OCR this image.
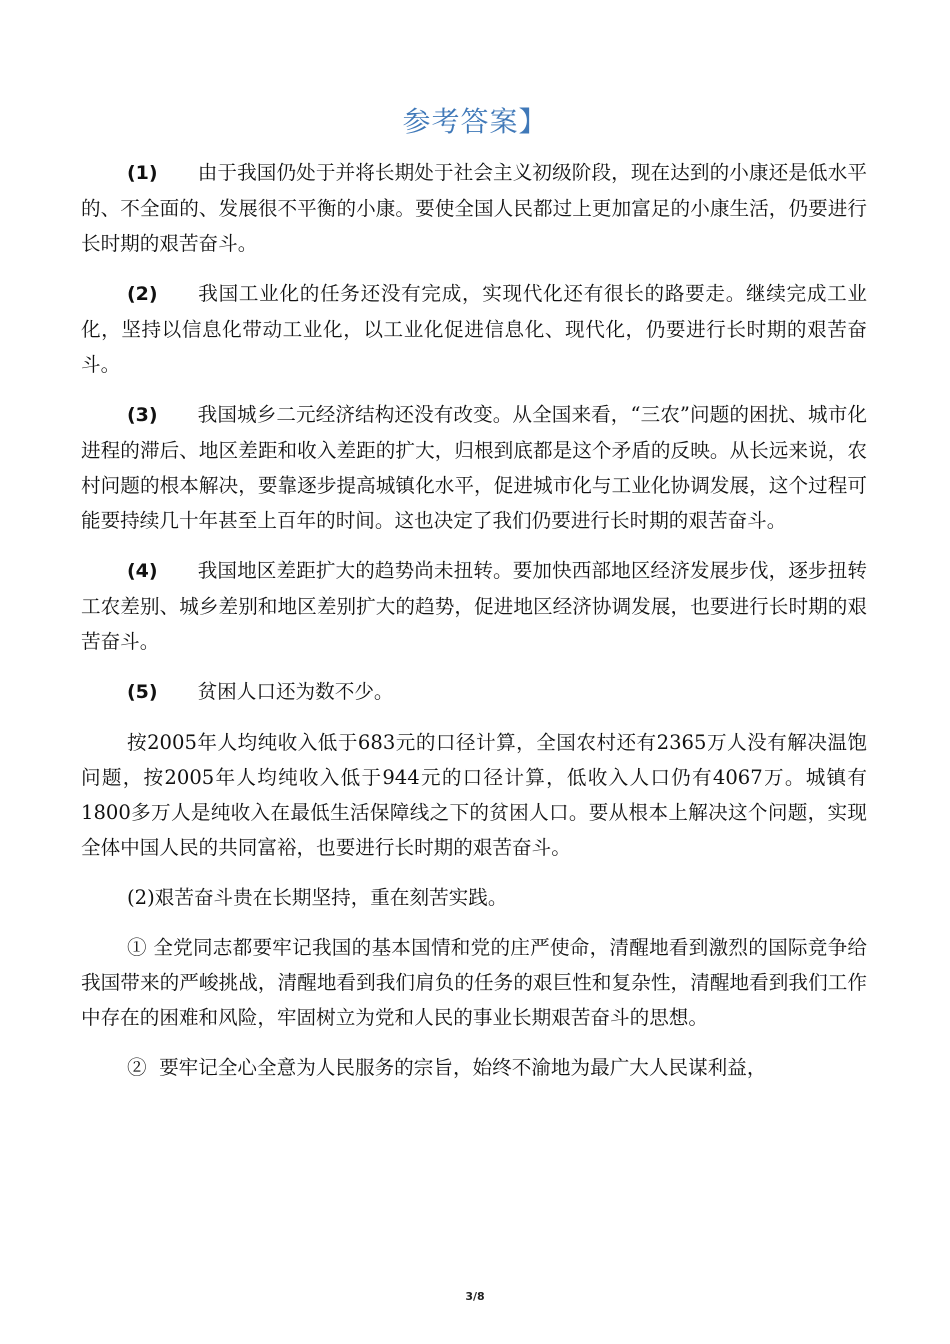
参考答案】

(1) 由于我国仍处于并将长期处于社会主义初级阶段，现在达到的小康还是低水平的、不全面的、发展很不平衡的小康。要使全国人民都过上更加富足的小康生活，仍要进行长时期的艰苦奋斗。

(2) 我国工业化的任务还没有完成，实现代化还有很长的路要走。继续完成工业化，坚持以信息化带动工业化，以工业化促进信息化、现代化，仍要进行长时期的艰苦奋斗。

(3) 我国城乡二元经济结构还没有改变。从全国来看，“三农”问题的困扰、城市化进程的滞后、地区差距和收入差距的扩大，归根到底都是这个矛盾的反映。从长远来说，农村问题的根本解决，要靠逐步提高城镇化水平，促进城市化与工业化协调发展，这个过程可能要持续几十年甚至上百年的时间。这也决定了我们仍要进行长时期的艰苦奋斗。

(4) 我国地区差距扩大的趋势尚未扭转。要加快西部地区经济发展步伐，逐步扭转工农差别、城乡差别和地区差别扩大的趋势，促进地区经济协调发展，也要进行长时期的艰苦奋斗。

(5) 贫困人口还为数不少。

按2005年人均纯收入低于683元的口径计算，全国农村还有2365万人没有解决温饱问题，按2005年人均纯收入低于944元的口径计算，低收入人口仍有4067万。城镇有1800多万人是纯收入在最低生活保障线之下的贫困人口。要从根本上解决这个问题，实现全体中国人民的共同富裕，也要进行长时期的艰苦奋斗。

(2)艰苦奋斗贵在长期坚持，重在刻苦实践。

① 全党同志都要牢记我国的基本国情和党的庄严使命，清醒地看到激烈的国际竞争给我国带来的严峻挑战，清醒地看到我们肩负的任务的艰巨性和复杂性，清醒地看到我们工作中存在的困难和风险，牢固树立为党和人民的事业长期艰苦奋斗的思想。

② 要牢记全心全意为人民服务的宗旨，始终不渝地为最广大人民谋利益，

3/8
